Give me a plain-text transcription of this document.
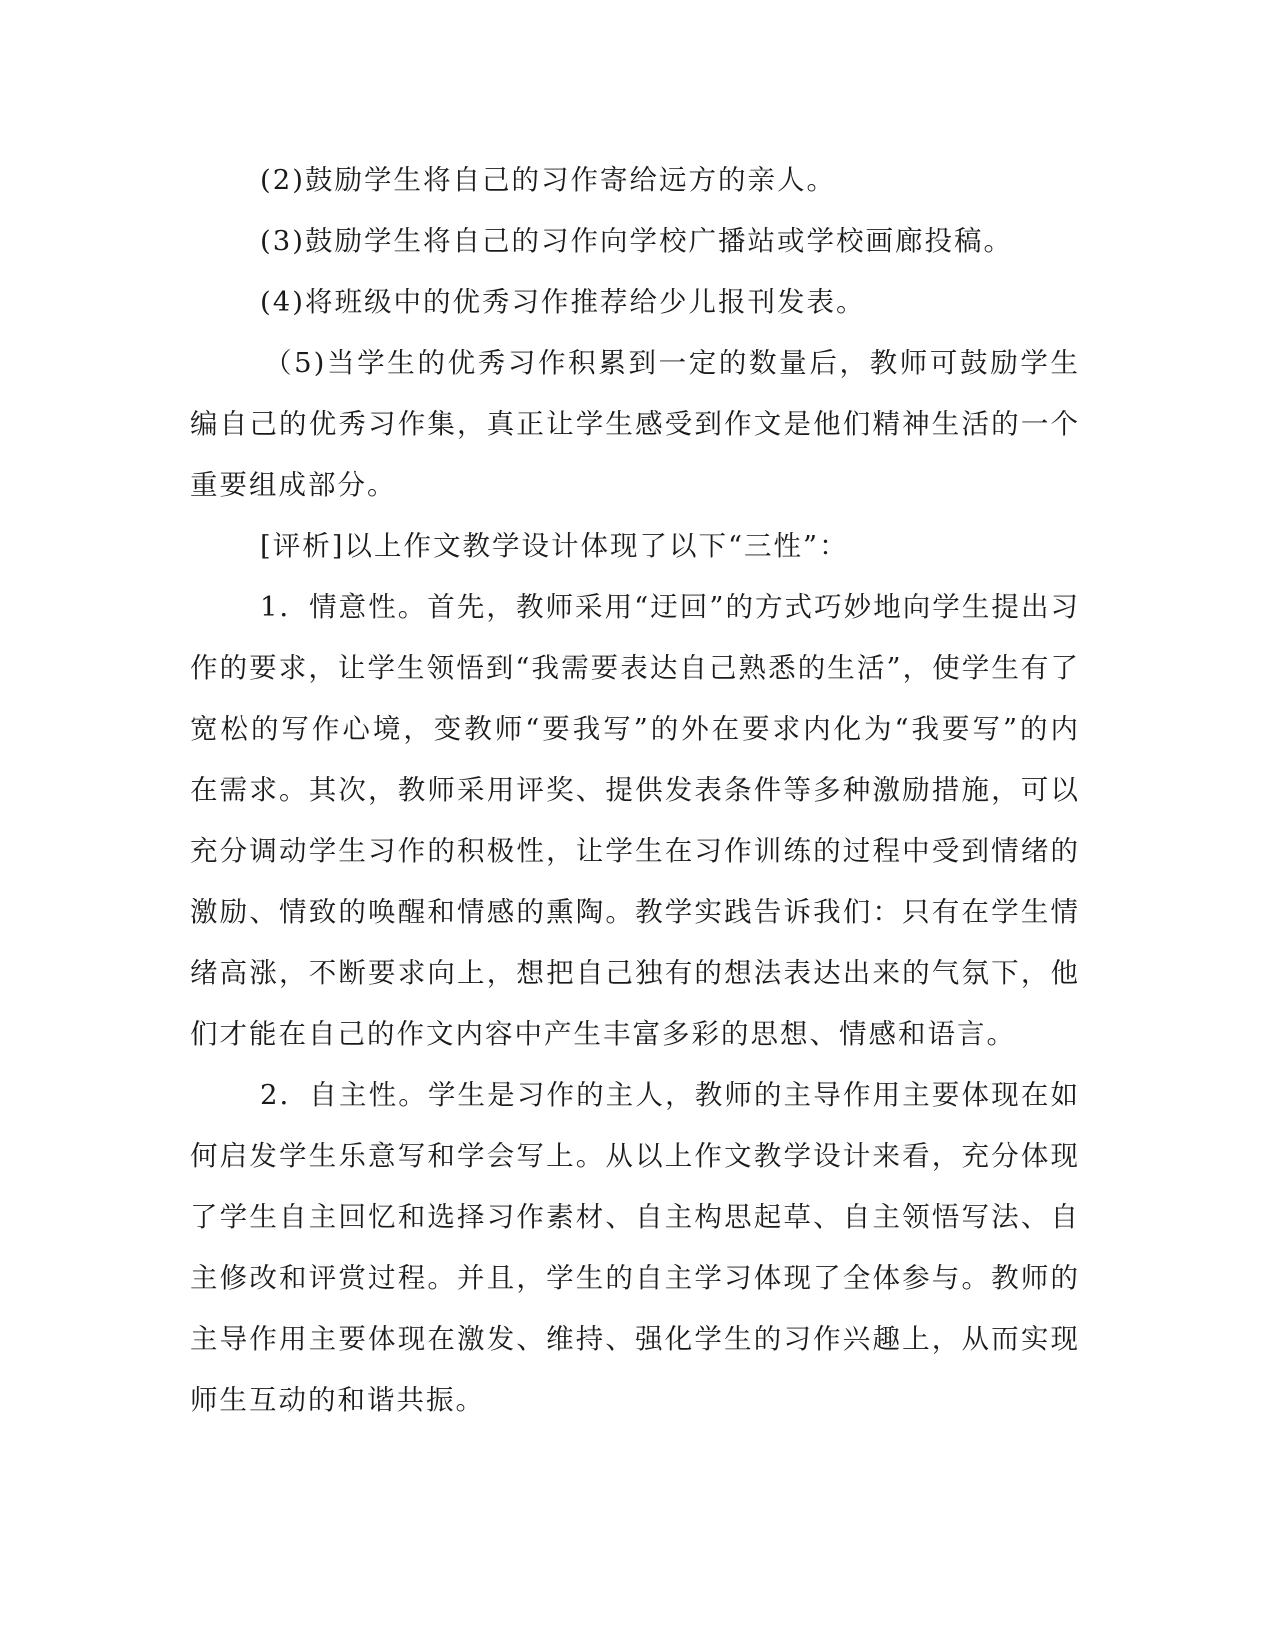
(2)鼓励学生将自己的习作寄给远方的亲人。

(3)鼓励学生将自己的习作向学校广播站或学校画廊投稿。

(4)将班级中的优秀习作推荐给少儿报刊发表。

（5)当学生的优秀习作积累到一定的数量后，教师可鼓励学生编自己的优秀习作集，真正让学生感受到作文是他们精神生活的一个重要组成部分。

[评析]以上作文教学设计体现了以下“三性”：

1．情意性。首先，教师采用“迂回”的方式巧妙地向学生提出习作的要求，让学生领悟到“我需要表达自己熟悉的生活”，使学生有了宽松的写作心境，变教师“要我写”的外在要求内化为“我要写”的内在需求。其次，教师采用评奖、提供发表条件等多种激励措施，可以充分调动学生习作的积极性，让学生在习作训练的过程中受到情绪的激励、情致的唤醒和情感的熏陶。教学实践告诉我们：只有在学生情绪高涨，不断要求向上，想把自己独有的想法表达出来的气氛下，他们才能在自己的作文内容中产生丰富多彩的思想、情感和语言。

2．自主性。学生是习作的主人，教师的主导作用主要体现在如何启发学生乐意写和学会写上。从以上作文教学设计来看，充分体现了学生自主回忆和选择习作素材、自主构思起草、自主领悟写法、自主修改和评赏过程。并且，学生的自主学习体现了全体参与。教师的主导作用主要体现在激发、维持、强化学生的习作兴趣上，从而实现师生互动的和谐共振。
